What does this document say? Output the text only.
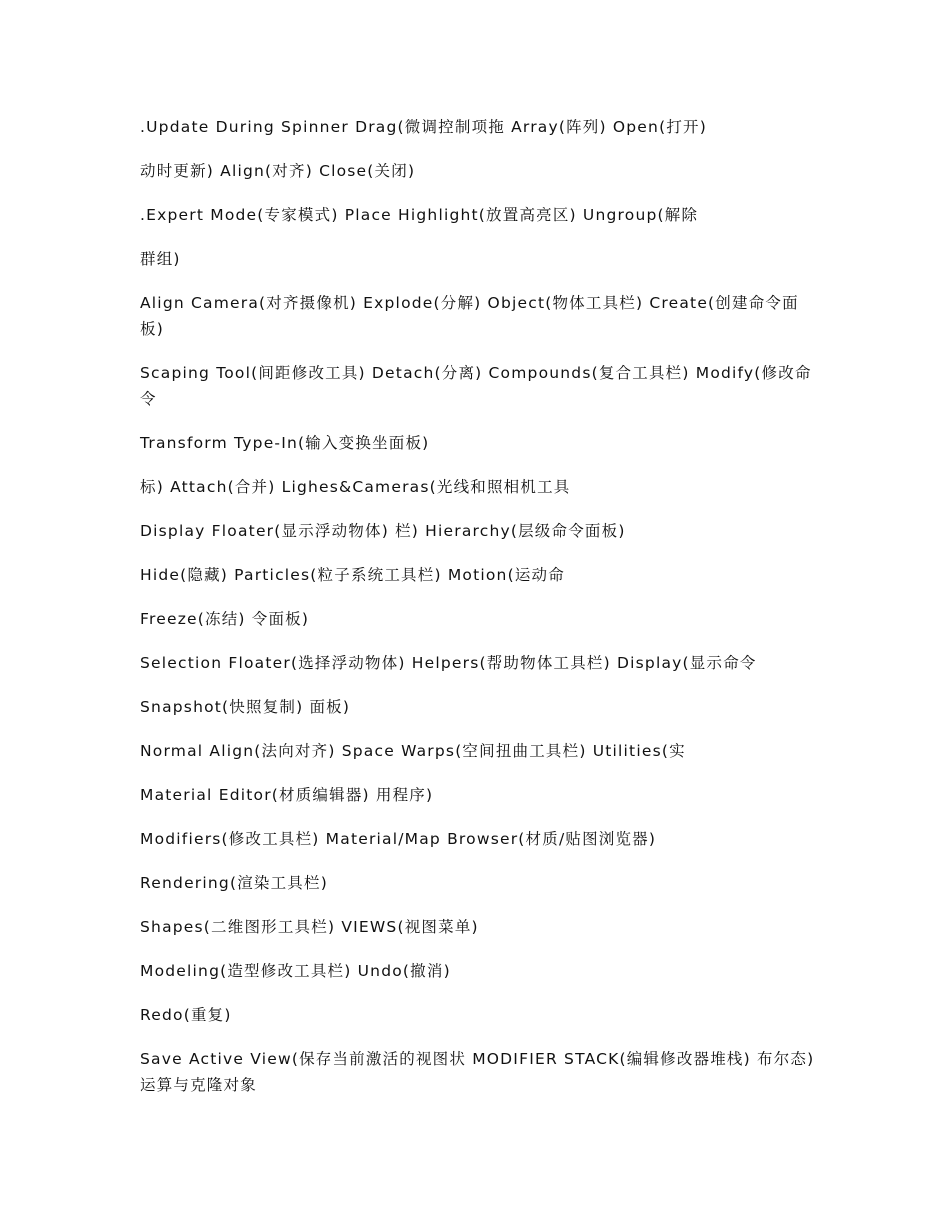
.Update During Spinner Drag(微调控制项拖 Array(阵列) Open(打开)

动时更新) Align(对齐) Close(关闭)

.Expert Mode(专家模式) Place Highlight(放置高亮区) Ungroup(解除

群组)

Align Camera(对齐摄像机) Explode(分解) Object(物体工具栏) Create(创建命令面板)

Scaping Tool(间距修改工具) Detach(分离) Compounds(复合工具栏) Modify(修改命令

Transform Type-In(输入变换坐面板)

标) Attach(合并) Lighes&Cameras(光线和照相机工具

Display Floater(显示浮动物体) 栏) Hierarchy(层级命令面板)

Hide(隐藏) Particles(粒子系统工具栏) Motion(运动命

Freeze(冻结) 令面板)

Selection Floater(选择浮动物体) Helpers(帮助物体工具栏) Display(显示命令

Snapshot(快照复制) 面板)

Normal Align(法向对齐) Space Warps(空间扭曲工具栏) Utilities(实

Material Editor(材质编辑器) 用程序)

Modifiers(修改工具栏) Material/Map Browser(材质/贴图浏览器)

Rendering(渲染工具栏)

Shapes(二维图形工具栏) VIEWS(视图菜单)

Modeling(造型修改工具栏) Undo(撤消)

Redo(重复)

Save Active View(保存当前激活的视图状 MODIFIER STACK(编辑修改器堆栈) 布尔态) 运算与克隆对象
